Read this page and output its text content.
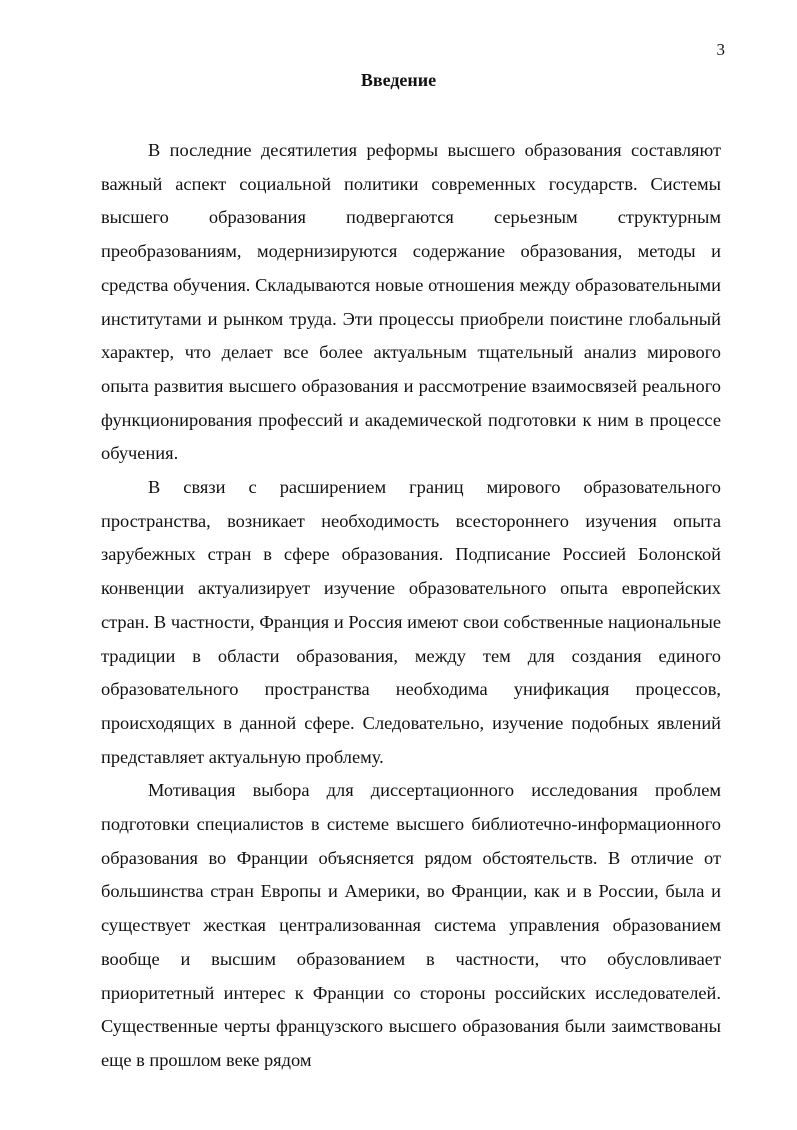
3
Введение

В последние десятилетия реформы высшего образования составляют важный аспект социальной политики современных государств. Системы высшего образования подвергаются серьезным структурным преобразованиям, модернизируются содержание образования, методы и средства обучения. Складываются новые отношения между образовательными институтами и рынком труда. Эти процессы приобрели поистине глобальный характер, что делает все более актуальным тщательный анализ мирового опыта развития высшего образования и рассмотрение взаимосвязей реального функционирования профессий и академической подготовки к ним в процессе обучения.

В связи с расширением границ мирового образовательного пространства, возникает необходимость всестороннего изучения опыта зарубежных стран в сфере образования. Подписание Россией Болонской конвенции актуализирует изучение образовательного опыта европейских стран. В частности, Франция и Россия имеют свои собственные национальные традиции в области образования, между тем для создания единого образовательного пространства необходима унификация процессов, происходящих в данной сфере. Следовательно, изучение подобных явлений представляет актуальную проблему.

Мотивация выбора для диссертационного исследования проблем подготовки специалистов в системе высшего библиотечно-информационного образования во Франции объясняется рядом обстоятельств. В отличие от большинства стран Европы и Америки, во Франции, как и в России, была и существует жесткая централизованная система управления образованием вообще и высшим образованием в частности, что обусловливает приоритетный интерес к Франции со стороны российских исследователей. Существенные черты французского высшего образования были заимствованы еще в прошлом веке рядом
